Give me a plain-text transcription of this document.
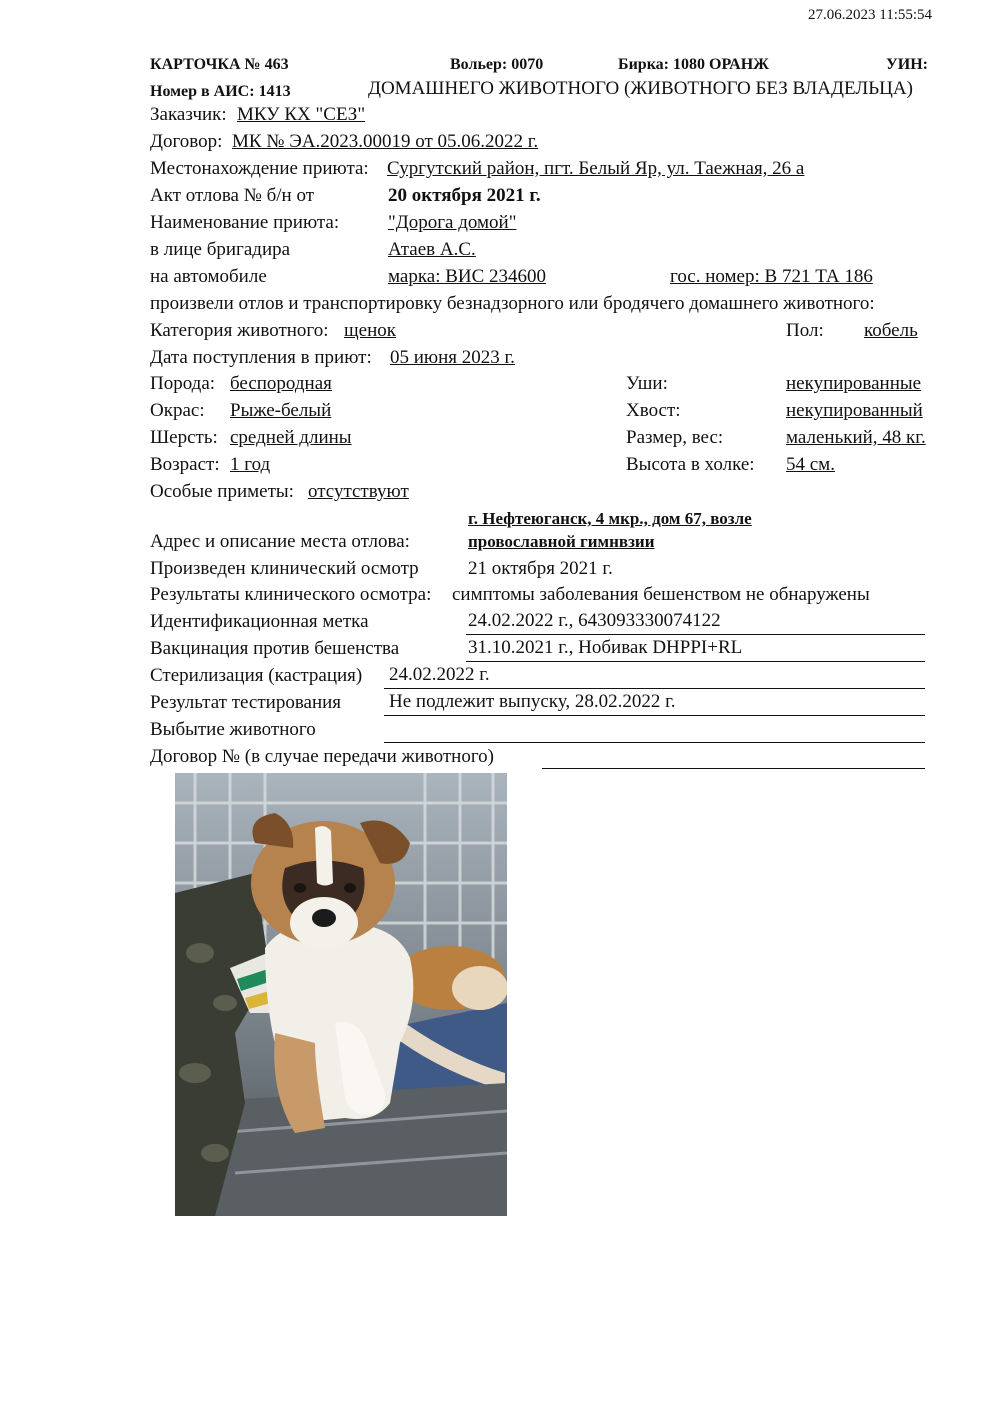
27.06.2023 11:55:54
КАРТОЧКА № 463	Вольер: 0070	Бирка: 1080 ОРАНЖ	УИН:
Номер в АИС: 1413	ДОМАШНЕГО ЖИВОТНОГО (ЖИВОТНОГО БЕЗ ВЛАДЕЛЬЦА)
Заказчик: МКУ КХ "СЕЗ"
Договор: МК № ЭА.2023.00019 от 05.06.2022 г.
Местонахождение приюта: Сургутский район, пгт. Белый Яр, ул. Таежная, 26 а
Акт отлова № б/н от	20 октября 2021 г.
Наименование приюта:	"Дорога домой"
в лице бригадира	Атаев А.С.
на автомобиле	марка: ВИС 234600	гос. номер: В 721 ТА 186
произвели отлов и транспортировку безнадзорного или бродячего домашнего животного:
Категория животного: щенок	Пол: кобель
Дата поступления в приют: 05 июня 2023 г.
Порода: беспородная	Уши:	некупированные
Окрас: Рыже-белый	Хвост:	некупированный
Шерсть: средней длины	Размер, вес:	маленький, 48 кг.
Возраст: 1 год	Высота в холке: 54 см.
Особые приметы: отсутствуют
г. Нефтеюганск, 4 мкр., дом 67, возле
Адрес и описание места отлова:	провославной гимнвзии
Произведен клинический осмотр	21 октября 2021 г.
Результаты клинического осмотра: симптомы заболевания бешенством не обнаружены
Идентификационная метка	24.02.2022 г., 643093330074122
Вакцинация против бешенства	31.10.2021 г., Нобивак DHPPI+RL
Стерилизация (кастрация) 24.02.2022 г.
Результат тестирования	Не подлежит выпуску, 28.02.2022 г.
Выбытие животного
Договор № (в случае передачи животного)
